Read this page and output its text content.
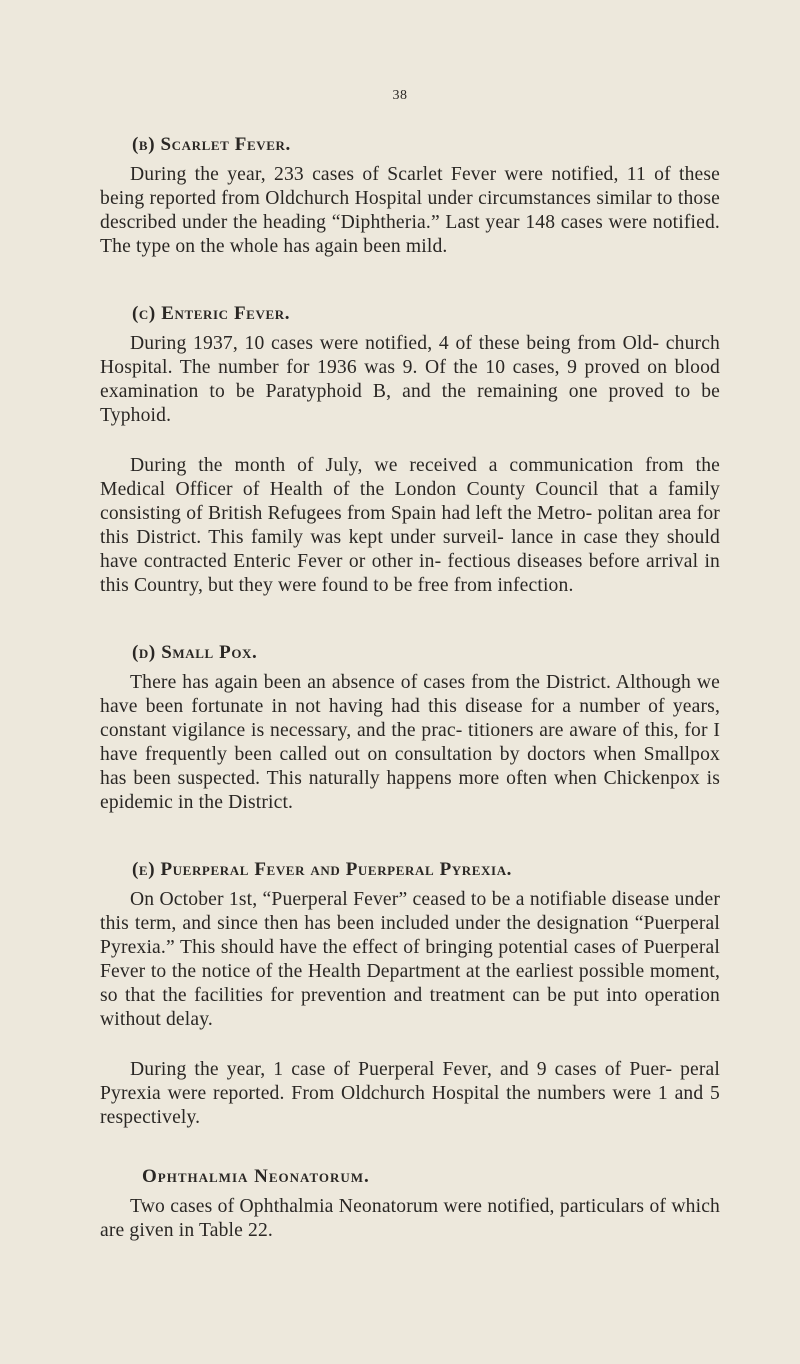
38
(b) Scarlet Fever.

During the year, 233 cases of Scarlet Fever were notified, 11 of these being reported from Oldchurch Hospital under circumstances similar to those described under the heading “Diphtheria.” Last year 148 cases were notified. The type on the whole has again been mild.

(c) Enteric Fever.

During 1937, 10 cases were notified, 4 of these being from Old- church Hospital. The number for 1936 was 9. Of the 10 cases, 9 proved on blood examination to be Paratyphoid B, and the remaining one proved to be Typhoid.

During the month of July, we received a communication from the Medical Officer of Health of the London County Council that a family consisting of British Refugees from Spain had left the Metro- politan area for this District. This family was kept under surveil- lance in case they should have contracted Enteric Fever or other in- fectious diseases before arrival in this Country, but they were found to be free from infection.

(d) Small Pox.

There has again been an absence of cases from the District. Although we have been fortunate in not having had this disease for a number of years, constant vigilance is necessary, and the prac- titioners are aware of this, for I have frequently been called out on consultation by doctors when Smallpox has been suspected. This naturally happens more often when Chickenpox is epidemic in the District.

(e) Puerperal Fever and Puerperal Pyrexia.

On October 1st, “Puerperal Fever” ceased to be a notifiable disease under this term, and since then has been included under the designation “Puerperal Pyrexia.” This should have the effect of bringing potential cases of Puerperal Fever to the notice of the Health Department at the earliest possible moment, so that the facilities for prevention and treatment can be put into operation without delay.

During the year, 1 case of Puerperal Fever, and 9 cases of Puer- peral Pyrexia were reported. From Oldchurch Hospital the numbers were 1 and 5 respectively.

Ophthalmia Neonatorum.

Two cases of Ophthalmia Neonatorum were notified, particulars of which are given in Table 22.
